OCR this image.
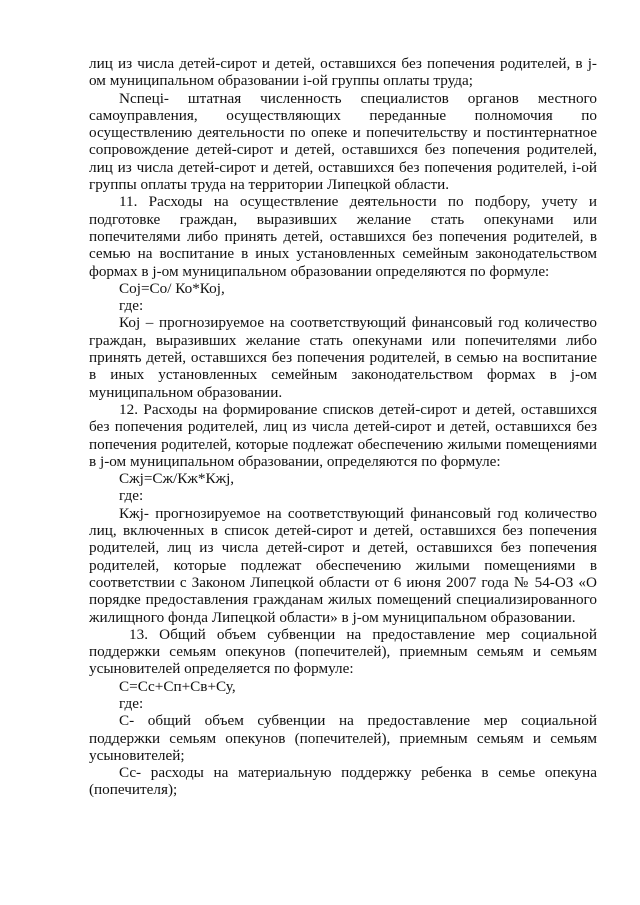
лиц из числа детей-сирот и детей, оставшихся без попечения родителей, в j-ом муниципальном образовании i-ой группы оплаты труда;

Nспецi- штатная численность специалистов органов местного самоуправления, осуществляющих переданные полномочия по осуществлению деятельности по опеке и попечительству и постинтернатное сопровождение детей-сирот и детей, оставшихся без попечения родителей, лиц из числа детей-сирот и детей, оставшихся без попечения родителей, i-ой группы оплаты труда на территории Липецкой области.

11. Расходы на осуществление деятельности по подбору, учету и подготовке граждан, выразивших желание стать опекунами или попечителями либо принять детей, оставшихся без попечения родителей, в семью на воспитание в иных установленных семейным законодательством формах в j-ом муниципальном образовании определяются по формуле:

Соj=Со/ Ко*Коj,

где:

Коj – прогнозируемое на соответствующий финансовый год количество граждан, выразивших желание стать опекунами или попечителями либо принять детей, оставшихся без попечения родителей, в семью на воспитание в иных установленных семейным законодательством формах в j-ом муниципальном образовании.

12. Расходы на формирование списков детей-сирот и детей, оставшихся без попечения родителей, лиц из числа детей-сирот и детей, оставшихся без попечения родителей, которые подлежат обеспечению жилыми помещениями в j-ом муниципальном образовании, определяются по формуле:

Сжj=Сж/Кж*Кжj,

где:

Кжj- прогнозируемое на соответствующий финансовый год количество лиц, включенных в список детей-сирот и детей, оставшихся без попечения родителей, лиц из числа детей-сирот и детей, оставшихся без попечения родителей, которые подлежат обеспечению жилыми помещениями в соответствии с Законом Липецкой области от 6 июня 2007 года № 54-ОЗ «О порядке предоставления гражданам жилых помещений специализированного жилищного фонда Липецкой области» в j-ом муниципальном образовании.

13. Общий объем субвенции на предоставление мер социальной поддержки семьям опекунов (попечителей), приемным семьям и семьям усыновителей определяется по формуле:

С=Сс+Сп+Св+Су,

где:

С- общий объем субвенции на предоставление мер социальной поддержки семьям опекунов (попечителей), приемным семьям и семьям усыновителей;

Сс- расходы на материальную поддержку ребенка в семье опекуна (попечителя);
